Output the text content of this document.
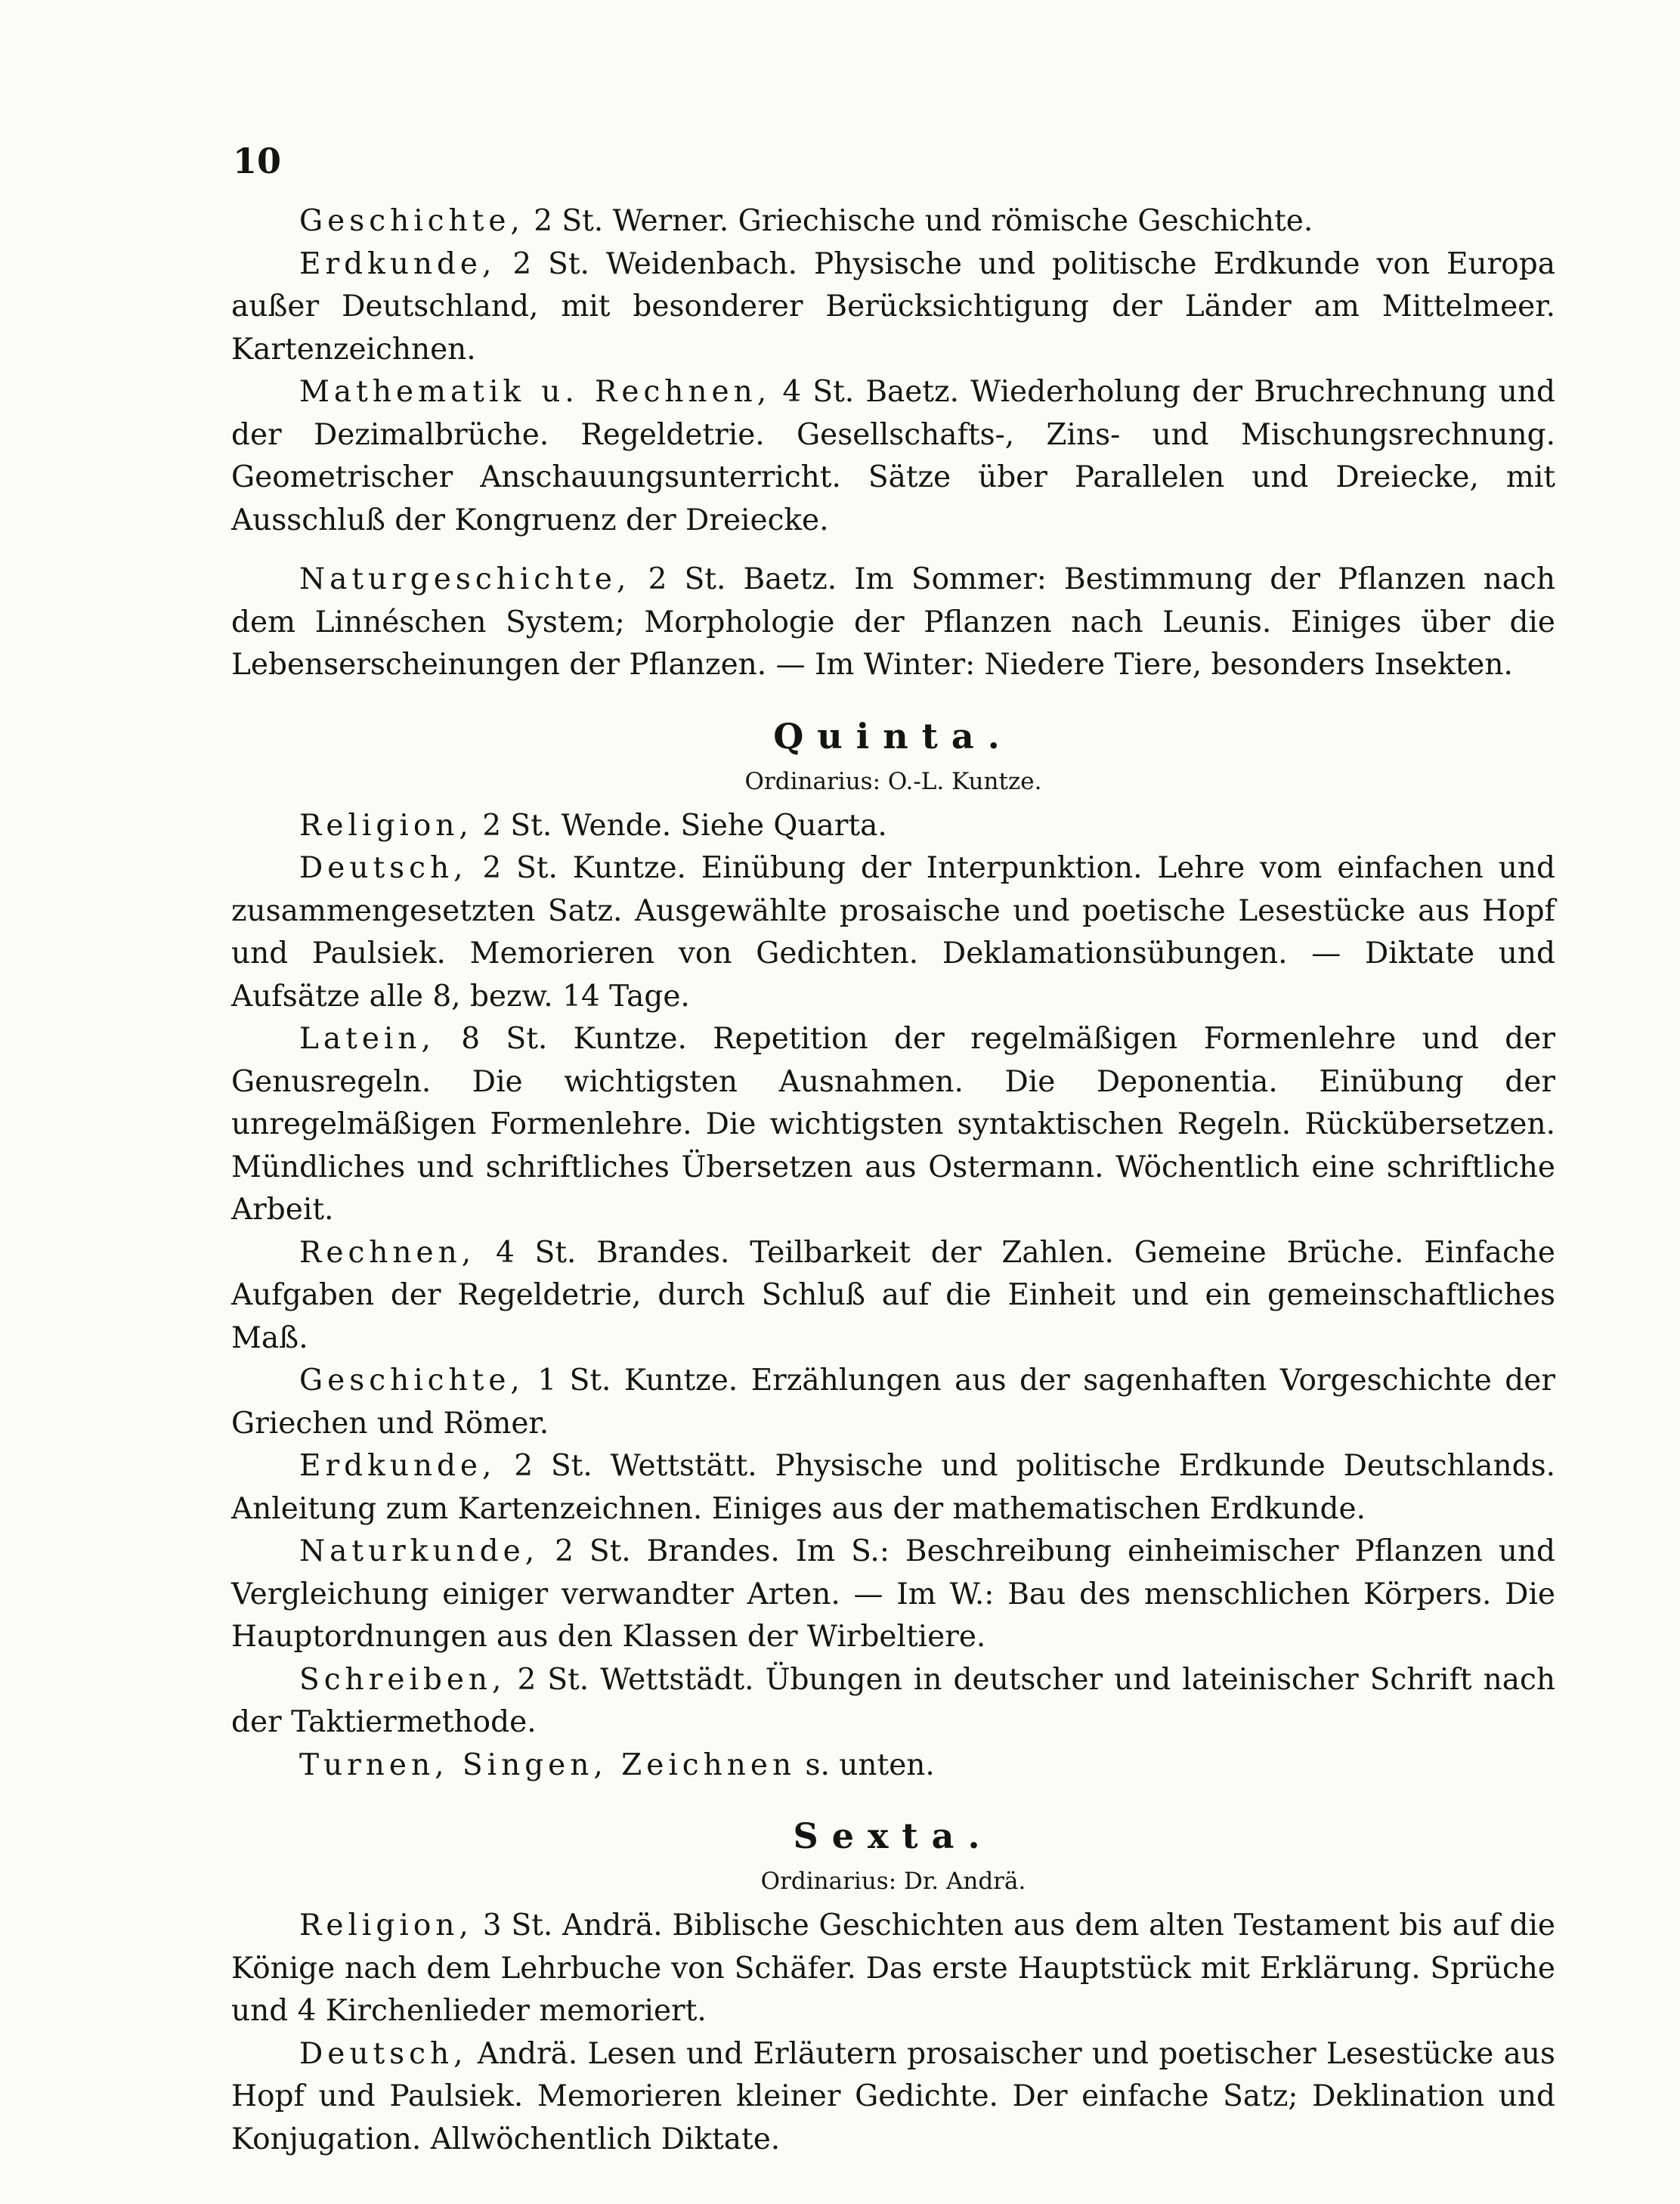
10

Geschichte, 2 St. Werner. Griechische und römische Geschichte.

Erdkunde, 2 St. Weidenbach. Physische und politische Erdkunde von Europa außer Deutschland, mit besonderer Berücksichtigung der Länder am Mittelmeer. Kartenzeichnen.

Mathematik u. Rechnen, 4 St. Baetz. Wiederholung der Bruchrechnung und der Dezimalbrüche. Regeldetrie. Gesellschafts-, Zins- und Mischungsrechnung. Geometrischer Anschauungsunterricht. Sätze über Parallelen und Dreiecke, mit Ausschluß der Kongruenz der Dreiecke.

Naturgeschichte, 2 St. Baetz. Im Sommer: Bestimmung der Pflanzen nach dem Linnéschen System; Morphologie der Pflanzen nach Leunis. Einiges über die Lebenserscheinungen der Pflanzen. — Im Winter: Niedere Tiere, besonders Insekten.

Quinta.

Ordinarius: O.-L. Kuntze.

Religion, 2 St. Wende. Siehe Quarta.

Deutsch, 2 St. Kuntze. Einübung der Interpunktion. Lehre vom einfachen und zusammengesetzten Satz. Ausgewählte prosaische und poetische Lesestücke aus Hopf und Paulsiek. Memorieren von Gedichten. Deklamationsübungen. — Diktate und Aufsätze alle 8, bezw. 14 Tage.

Latein, 8 St. Kuntze. Repetition der regelmäßigen Formenlehre und der Genusregeln. Die wichtigsten Ausnahmen. Die Deponentia. Einübung der unregelmäßigen Formenlehre. Die wichtigsten syntaktischen Regeln. Rückübersetzen. Mündliches und schriftliches Übersetzen aus Ostermann. Wöchentlich eine schriftliche Arbeit.

Rechnen, 4 St. Brandes. Teilbarkeit der Zahlen. Gemeine Brüche. Einfache Aufgaben der Regeldetrie, durch Schluß auf die Einheit und ein gemeinschaftliches Maß.

Geschichte, 1 St. Kuntze. Erzählungen aus der sagenhaften Vorgeschichte der Griechen und Römer.

Erdkunde, 2 St. Wettstätt. Physische und politische Erdkunde Deutschlands. Anleitung zum Kartenzeichnen. Einiges aus der mathematischen Erdkunde.

Naturkunde, 2 St. Brandes. Im S.: Beschreibung einheimischer Pflanzen und Vergleichung einiger verwandter Arten. — Im W.: Bau des menschlichen Körpers. Die Hauptordnungen aus den Klassen der Wirbeltiere.

Schreiben, 2 St. Wettstädt. Übungen in deutscher und lateinischer Schrift nach der Taktiermethode.

Turnen, Singen, Zeichnen s. unten.

Sexta.

Ordinarius: Dr. Andrä.

Religion, 3 St. Andrä. Biblische Geschichten aus dem alten Testament bis auf die Könige nach dem Lehrbuche von Schäfer. Das erste Hauptstück mit Erklärung. Sprüche und 4 Kirchenlieder memoriert.

Deutsch, Andrä. Lesen und Erläutern prosaischer und poetischer Lesestücke aus Hopf und Paulsiek. Memorieren kleiner Gedichte. Der einfache Satz; Deklination und Konjugation. Allwöchentlich Diktate.
